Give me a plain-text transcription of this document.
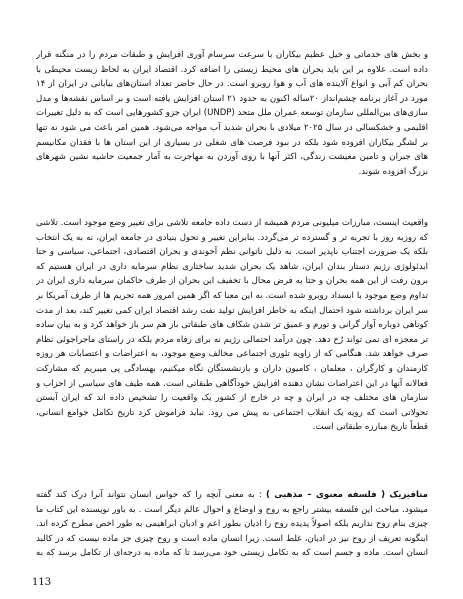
و بخش های خدماتی و خیل عظیم بیکاران با سرعت سرسام آوری افزایش و طبقات مردم را در منگنه قرار داده است. علاوه بر این باید بحران های محیط زیستی را اضافه کرد. اقتصاد ایران به لحاظ زیست محیطی با بحران کم آبی و انواع آلاینده های آب و هوا روبرو است. در حال حاضر تعداد استان‌های بیابانی در ایران از ۱۴ مورد در آغاز برنامه چشم‌انداز ۲۰ساله اکنون به حدود ۲۱ استان افزایش یافته است و بر اساس نقشه‌ها و مدل سازی‌های بین‌المللی سازمان توسعه عمران ملل متحد (UNDP) ایران جزو کشورهایی است که به دلیل تغییرات اقلیمی و خشکسالی در سال ۲۰۲۵ میلادی با بحران شدید آب مواجه می‌شود. همین امر باعث می شود نه تنها بر لشگر بیکاران افزوده شود بلکه در نبود فرصت های شغلی در بسیاری از این استان ها با فقدان مکانیسم های جبران و تامین معیشت زندگی، اکثر آنها با روی آوردن به مهاجرت به آمار جمعیت حاشیه نشین شهرهای بزرگ افزوده شوند.

واقعیت اینست، مبارزات میلیونی مردم همیشه از دست داده جامعه تلاشی برای تغییر وضع موجود است. تلاشی که روزبه روز با تجربه تر و گسترده تر می‌گردد. بنابراین تغییر و تحول بنیادی در جامعه ایران، نه به یک انتخاب بلکه یک ضرورت اجتناب ناپذیر است. به دلیل ناتوانی نظم آخوندی و بحران اقتصادی، اجتماعی، سیاسی و حتا ایدئولوژی رژیم دستار بندان ایران، شاهد یک بحران شدید ساختاری نظام سرمایه داری در ایران هستیم که برون رفت از این همه بحران و حتا به فرض محال با تخفیف این بحران از طرف حاکمان سرمایه داری ایران در تداوم وضع موجود با انسداد روبرو شده است. به این معنا که اگر همین امروز همه تحریم ها از طرف آمریکا بر سر ایران برداشته شود احتمال اینکه به خاطر افزایش تولید نفت رشد اقتصاد ایران کمی تغییر کند، بعد از مدت کوتاهی دوباره آوار گرانی و تورم و عمیق تر شدن شکاف های طبقاتی باز هم سر باز خواهد کرد و به بیان ساده تر معجزه ای نمی تواند رُخ دهد. چون درآمد احتمالی رژیم نه برای رفاه مردم بلکه در راستای ماجراجوئی نظام صرف خواهد شد. هنگامی که از زاویه تئوری اجتماعی مخالف وضع موجود، به اعتراضات و اعتصابات هر روزه کارمندان و کارگران ، معلمان ، کامیون داران و بازنشستگان نگاه میکنیم، بهسادگی پی میبریم که مشارکت فعالانه آنها در این اعتراضات نشان دهنده افزایش خودآگاهی طبقاتی است. همه طیف های سیاسی از احزاب و سازمان های مختلف چه در ایران و چه در خارج از کشور یک واقعیت را تشخیص داده اند که ایران آبستن تحولاتی است که رویه یک انقلاب اجتماعی به پیش می رود. نباید فراموش کرد تاریخ تکامل جوامع انسانی، قطعاً تاریخ مبارزه طبقاتی است.

متافیزیک ( فلسفه معنوی – مذهبی ) : به معنی آنچه را که حواس انسان نتواند آنرا درک کند گفته میشود. مباحث این فلسفه بیشتر راجع به روح و اوضاع و احوال عالم دیگر است . به باور نویسنده این کتاب ما چیزی بنام روح نداریم بلکه اصولاً پدیده روح را ادیان بطور اعم و ادیان ابراهیمی به طور اخص مطرح کرده اند. اینگونه تعریف از روح نیز در ادیان، غلط است. زیرا انسان ماده است و روح چیزی جز ماده نیست که در کالبد انسان است. ماده و جسم است که به تکامل زیستی خود می‌رسد تا که ماده به درجه‌ای از تکامل برسد که به

113
